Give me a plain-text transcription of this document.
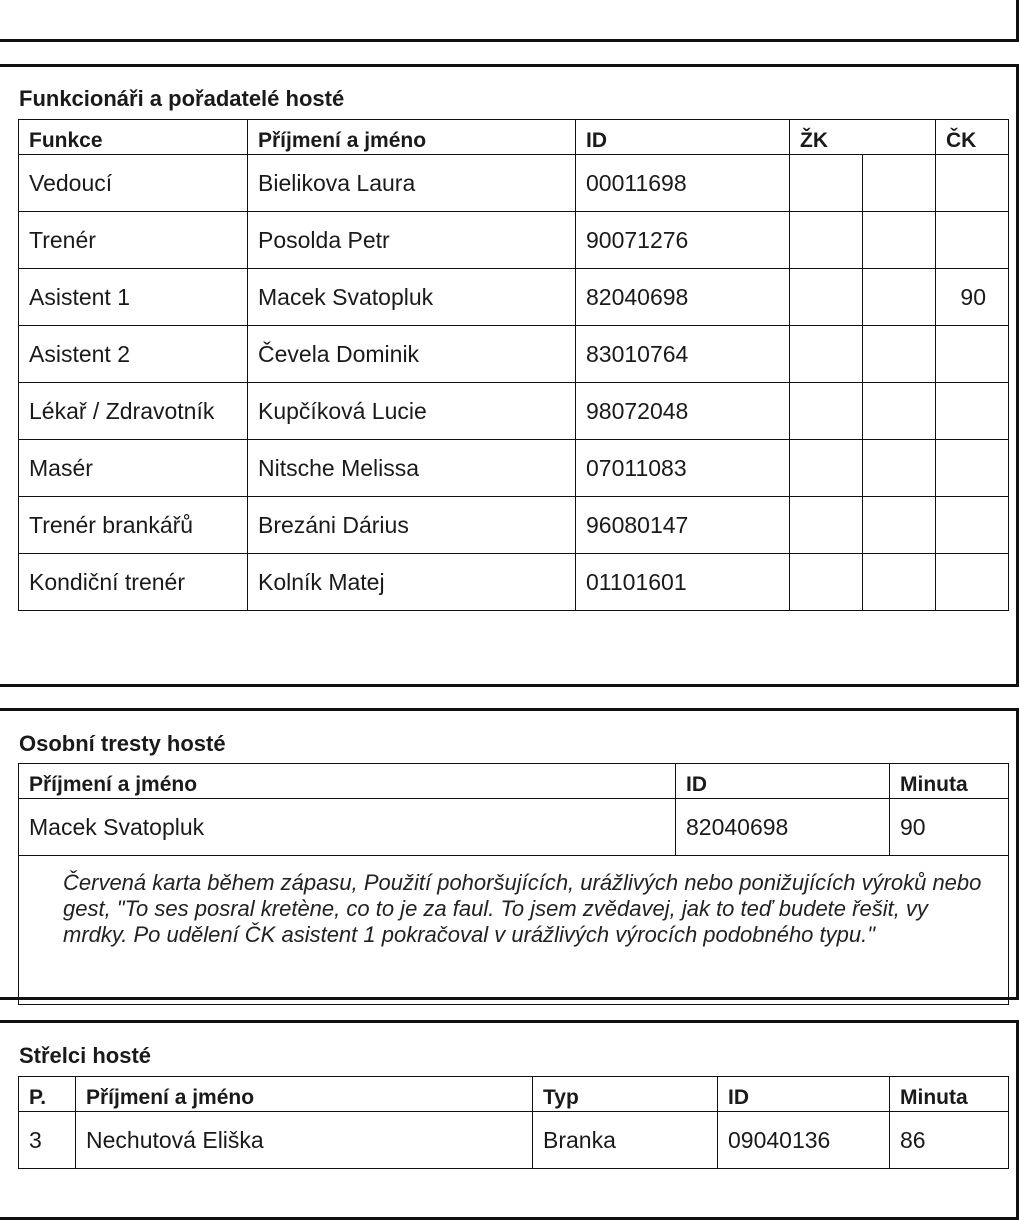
Funkcionáři a pořadatelé hosté
Funkce	Příjmení a jméno	ID	ŽK		ČK
Vedoucí	Bielikova Laura	00011698			
Trenér	Posolda Petr	90071276			
Asistent 1	Macek Svatopluk	82040698			90
Asistent 2	Čevela Dominik	83010764			
Lékař / Zdravotník	Kupčíková Lucie	98072048			
Masér	Nitsche Melissa	07011083			
Trenér brankářů	Brezáni Dárius	96080147			
Kondiční trenér	Kolník Matej	01101601			
Osobní tresty hosté
Příjmení a jméno	ID	Minuta
Macek Svatopluk	82040698	90
Červená karta během zápasu, Použití pohoršujících, urážlivých nebo ponižujících výroků nebo gest, "To ses posral kretène, co to je za faul. To jsem zvědavej, jak to teď budete řešit, vy mrdky. Po udělení ČK asistent 1 pokračoval v urážlivých výrocích podobného typu."		
Střelci hosté
P.	Příjmení a jméno	Typ	ID	Minuta
3	Nechutová Eliška	Branka	09040136	86
